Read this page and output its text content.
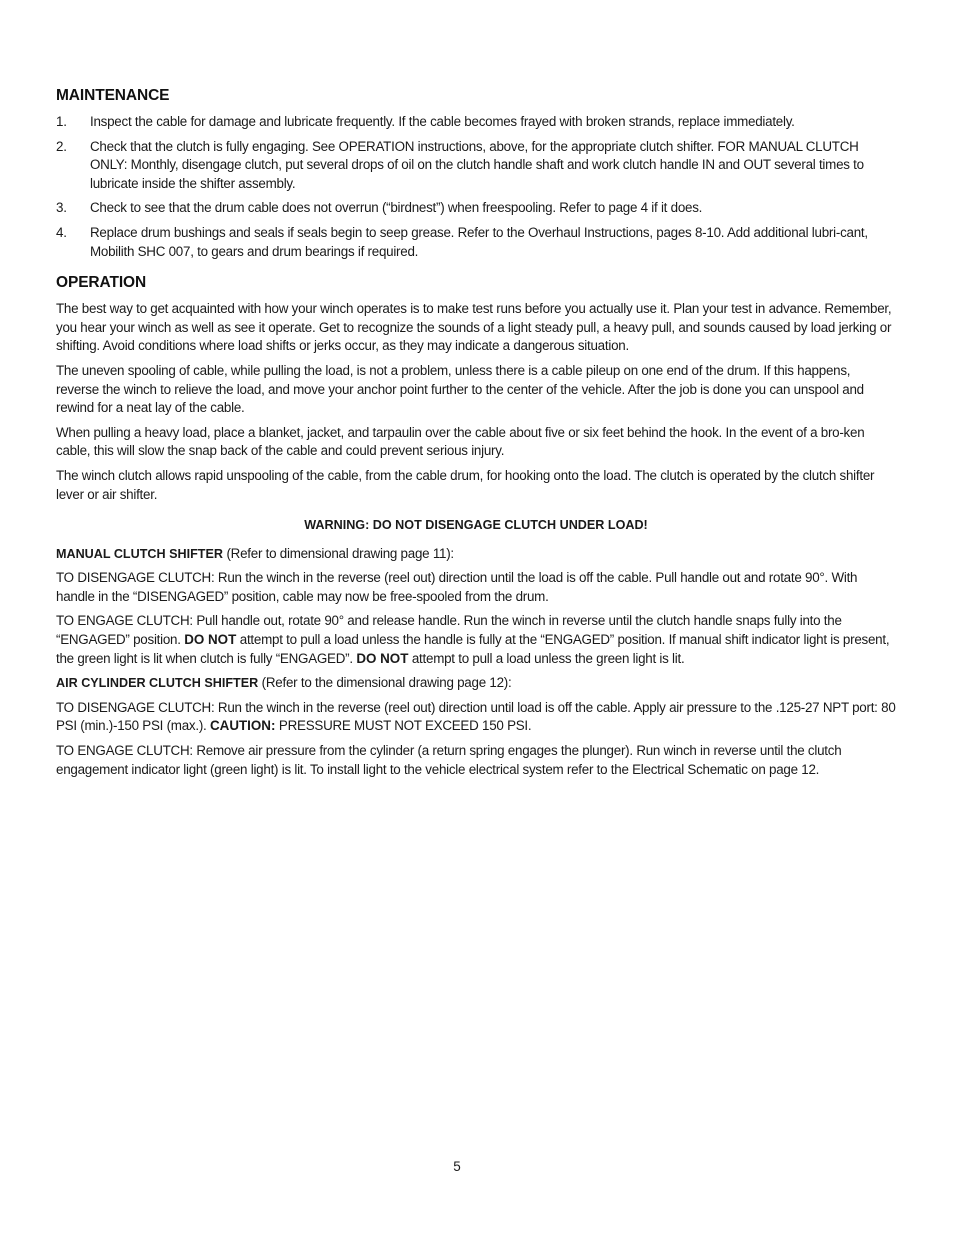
MAINTENANCE
1. Inspect the cable for damage and lubricate frequently. If the cable becomes frayed with broken strands, replace immediately.
2. Check that the clutch is fully engaging. See OPERATION instructions, above, for the appropriate clutch shifter. FOR MANUAL CLUTCH ONLY: Monthly, disengage clutch, put several drops of oil on the clutch handle shaft and work clutch handle IN and OUT several times to lubricate inside the shifter assembly.
3. Check to see that the drum cable does not overrun (“birdnest”) when freespooling. Refer to page 4 if it does.
4. Replace drum bushings and seals if seals begin to seep grease. Refer to the Overhaul Instructions, pages 8-10. Add additional lubri-cant, Mobilith SHC 007, to gears and drum bearings if required.
OPERATION

The best way to get acquainted with how your winch operates is to make test runs before you actually use it. Plan your test in advance. Remember, you hear your winch as well as see it operate. Get to recognize the sounds of a light steady pull, a heavy pull, and sounds caused by load jerking or shifting. Avoid conditions where load shifts or jerks occur, as they may indicate a dangerous situation.

The uneven spooling of cable, while pulling the load, is not a problem, unless there is a cable pileup on one end of the drum. If this happens, reverse the winch to relieve the load, and move your anchor point further to the center of the vehicle. After the job is done you can unspool and rewind for a neat lay of the cable.

When pulling a heavy load, place a blanket, jacket, and tarpaulin over the cable about five or six feet behind the hook. In the event of a bro-ken cable, this will slow the snap back of the cable and could prevent serious injury.

The winch clutch allows rapid unspooling of the cable, from the cable drum, for hooking onto the load. The clutch is operated by the clutch shifter lever or air shifter.

WARNING: DO NOT DISENGAGE CLUTCH UNDER LOAD!

MANUAL CLUTCH SHIFTER (Refer to dimensional drawing page 11):

TO DISENGAGE CLUTCH: Run the winch in the reverse (reel out) direction until the load is off the cable. Pull handle out and rotate 90°. With handle in the “DISENGAGED” position, cable may now be free-spooled from the drum.

TO ENGAGE CLUTCH: Pull handle out, rotate 90° and release handle. Run the winch in reverse until the clutch handle snaps fully into the “ENGAGED” position. DO NOT attempt to pull a load unless the handle is fully at the “ENGAGED” position. If manual shift indicator light is present, the green light is lit when clutch is fully “ENGAGED”. DO NOT attempt to pull a load unless the green light is lit.

AIR CYLINDER CLUTCH SHIFTER (Refer to the dimensional drawing page 12):

TO DISENGAGE CLUTCH: Run the winch in the reverse (reel out) direction until load is off the cable. Apply air pressure to the .125-27 NPT port: 80 PSI (min.)-150 PSI (max.). CAUTION: PRESSURE MUST NOT EXCEED 150 PSI.

TO ENGAGE CLUTCH: Remove air pressure from the cylinder (a return spring engages the plunger). Run winch in reverse until the clutch engagement indicator light (green light) is lit. To install light to the vehicle electrical system refer to the Electrical Schematic on page 12.

5
